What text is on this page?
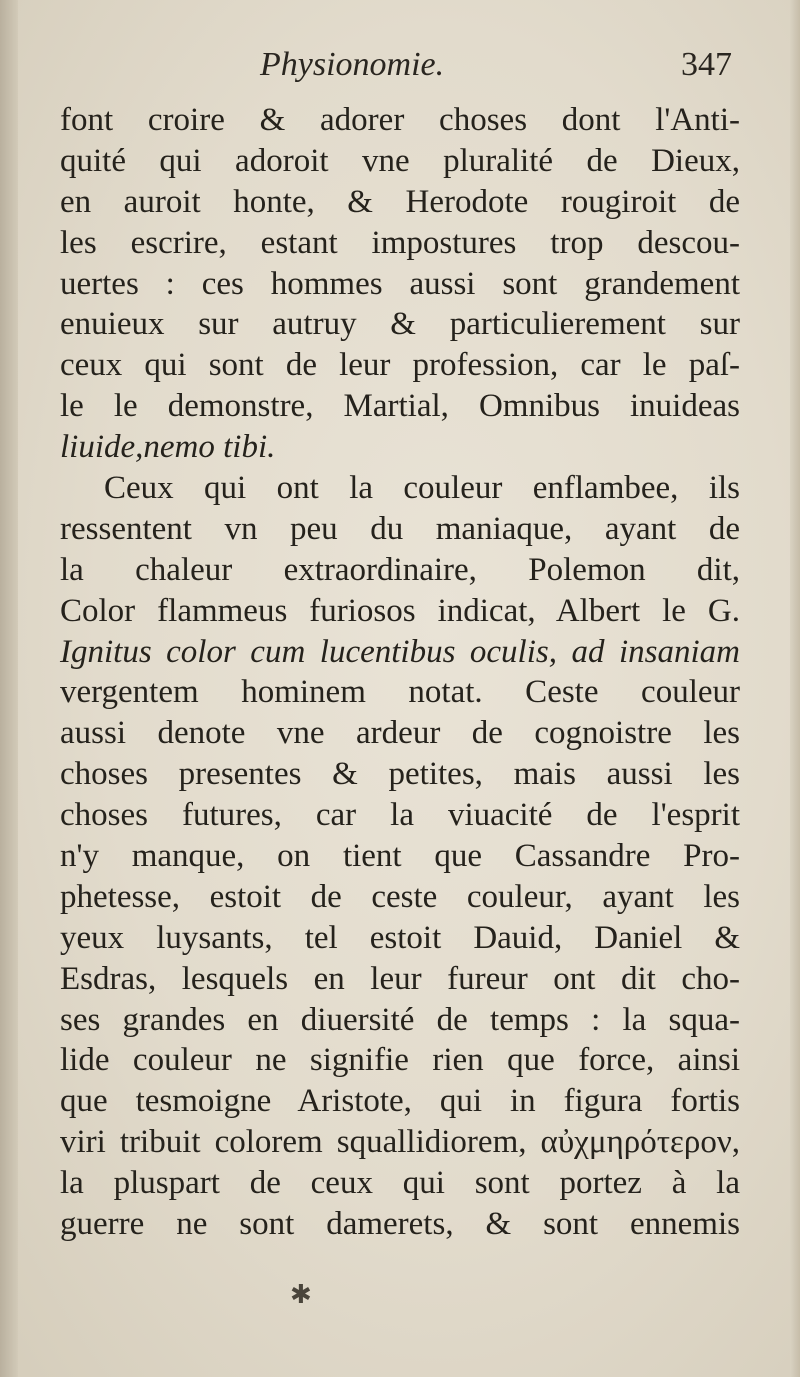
Physionomie.	347
font croire & adorer choses dont l'Anti-
quité qui adoroit vne pluralité de Dieux,
en auroit honte, & Herodote rougiroit de
les escrire, estant impostures trop descou-
uertes : ces hommes aussi sont grandement
enuieux sur autruy & particulierement sur
ceux qui sont de leur profession, car le paſ-
le le demonstre, Martial, Omnibus inuideas
liuide,nemo tibi.
Ceux qui ont la couleur enflambee, ils
ressentent vn peu du maniaque, ayant de
la chaleur extraordinaire, Polemon dit,
Color flammeus furiosos indicat, Albert le G.
Ignitus color cum lucentibus oculis, ad insaniam
vergentem hominem notat. Ceste couleur
aussi denote vne ardeur de cognoistre les
choses presentes & petites, mais aussi les
choses futures, car la viuacité de l'esprit
n'y manque, on tient que Cassandre Pro-
phetesse, estoit de ceste couleur, ayant les
yeux luysants, tel estoit Dauid, Daniel &
Esdras, lesquels en leur fureur ont dit cho-
ses grandes en diuersité de temps : la squa-
lide couleur ne signifie rien que force, ainsi
que tesmoigne Aristote, qui in figura fortis
viri tribuit colorem squallidiorem, αὐχμηρότερον,
la pluspart de ceux qui sont portez à la
guerre ne sont damerets, & sont ennemis
✱
